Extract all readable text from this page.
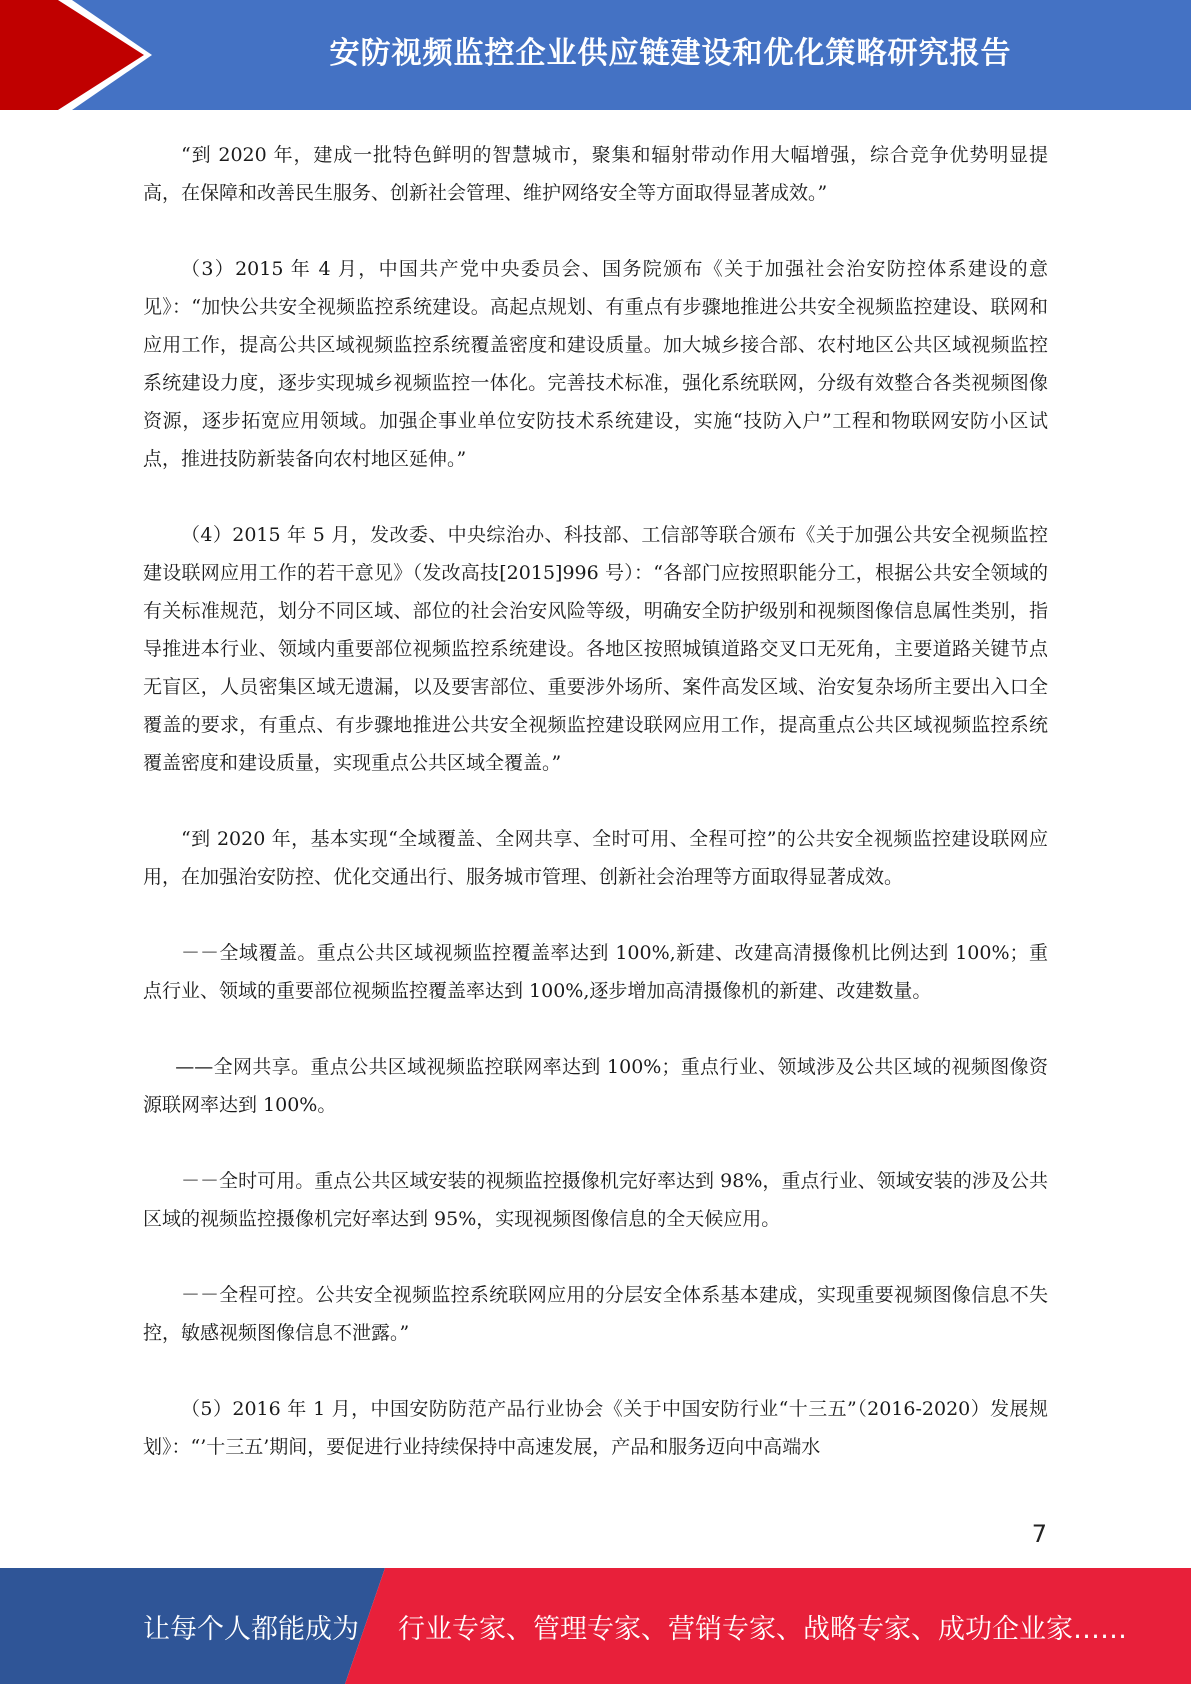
安防视频监控企业供应链建设和优化策略研究报告

“到 2020 年，建成一批特色鲜明的智慧城市，聚集和辐射带动作用大幅增强，综合竞争优势明显提高，在保障和改善民生服务、创新社会管理、维护网络安全等方面取得显著成效。”

（3）2015 年 4 月，中国共产党中央委员会、国务院颁布《关于加强社会治安防控体系建设的意见》：“加快公共安全视频监控系统建设。高起点规划、有重点有步骤地推进公共安全视频监控建设、联网和应用工作，提高公共区域视频监控系统覆盖密度和建设质量。加大城乡接合部、农村地区公共区域视频监控系统建设力度，逐步实现城乡视频监控一体化。完善技术标准，强化系统联网，分级有效整合各类视频图像资源，逐步拓宽应用领域。加强企事业单位安防技术系统建设，实施“技防入户”工程和物联网安防小区试点，推进技防新装备向农村地区延伸。”

（4）2015 年 5 月，发改委、中央综治办、科技部、工信部等联合颁布《关于加强公共安全视频监控建设联网应用工作的若干意见》（发改高技[2015]996 号）：“各部门应按照职能分工，根据公共安全领域的有关标准规范，划分不同区域、部位的社会治安风险等级，明确安全防护级别和视频图像信息属性类别，指导推进本行业、领域内重要部位视频监控系统建设。各地区按照城镇道路交叉口无死角，主要道路关键节点无盲区，人员密集区域无遗漏，以及要害部位、重要涉外场所、案件高发区域、治安复杂场所主要出入口全覆盖的要求，有重点、有步骤地推进公共安全视频监控建设联网应用工作，提高重点公共区域视频监控系统覆盖密度和建设质量，实现重点公共区域全覆盖。”

“到 2020 年，基本实现“全域覆盖、全网共享、全时可用、全程可控”的公共安全视频监控建设联网应用，在加强治安防控、优化交通出行、服务城市管理、创新社会治理等方面取得显著成效。

－－全域覆盖。重点公共区域视频监控覆盖率达到 100%,新建、改建高清摄像机比例达到 100%；重点行业、领域的重要部位视频监控覆盖率达到 100%,逐步增加高清摄像机的新建、改建数量。

——全网共享。重点公共区域视频监控联网率达到 100%；重点行业、领域涉及公共区域的视频图像资源联网率达到 100%。

－－全时可用。重点公共区域安装的视频监控摄像机完好率达到 98%，重点行业、领域安装的涉及公共区域的视频监控摄像机完好率达到 95%，实现视频图像信息的全天候应用。

－－全程可控。公共安全视频监控系统联网应用的分层安全体系基本建成，实现重要视频图像信息不失控，敏感视频图像信息不泄露。”

（5）2016 年 1 月，中国安防防范产品行业协会《关于中国安防行业“十三五”（2016-2020）发展规划》：“’十三五’期间，要促进行业持续保持中高速发展，产品和服务迈向中高端水

7
让每个人都能成为 行业专家、管理专家、营销专家、战略专家、成功企业家……
